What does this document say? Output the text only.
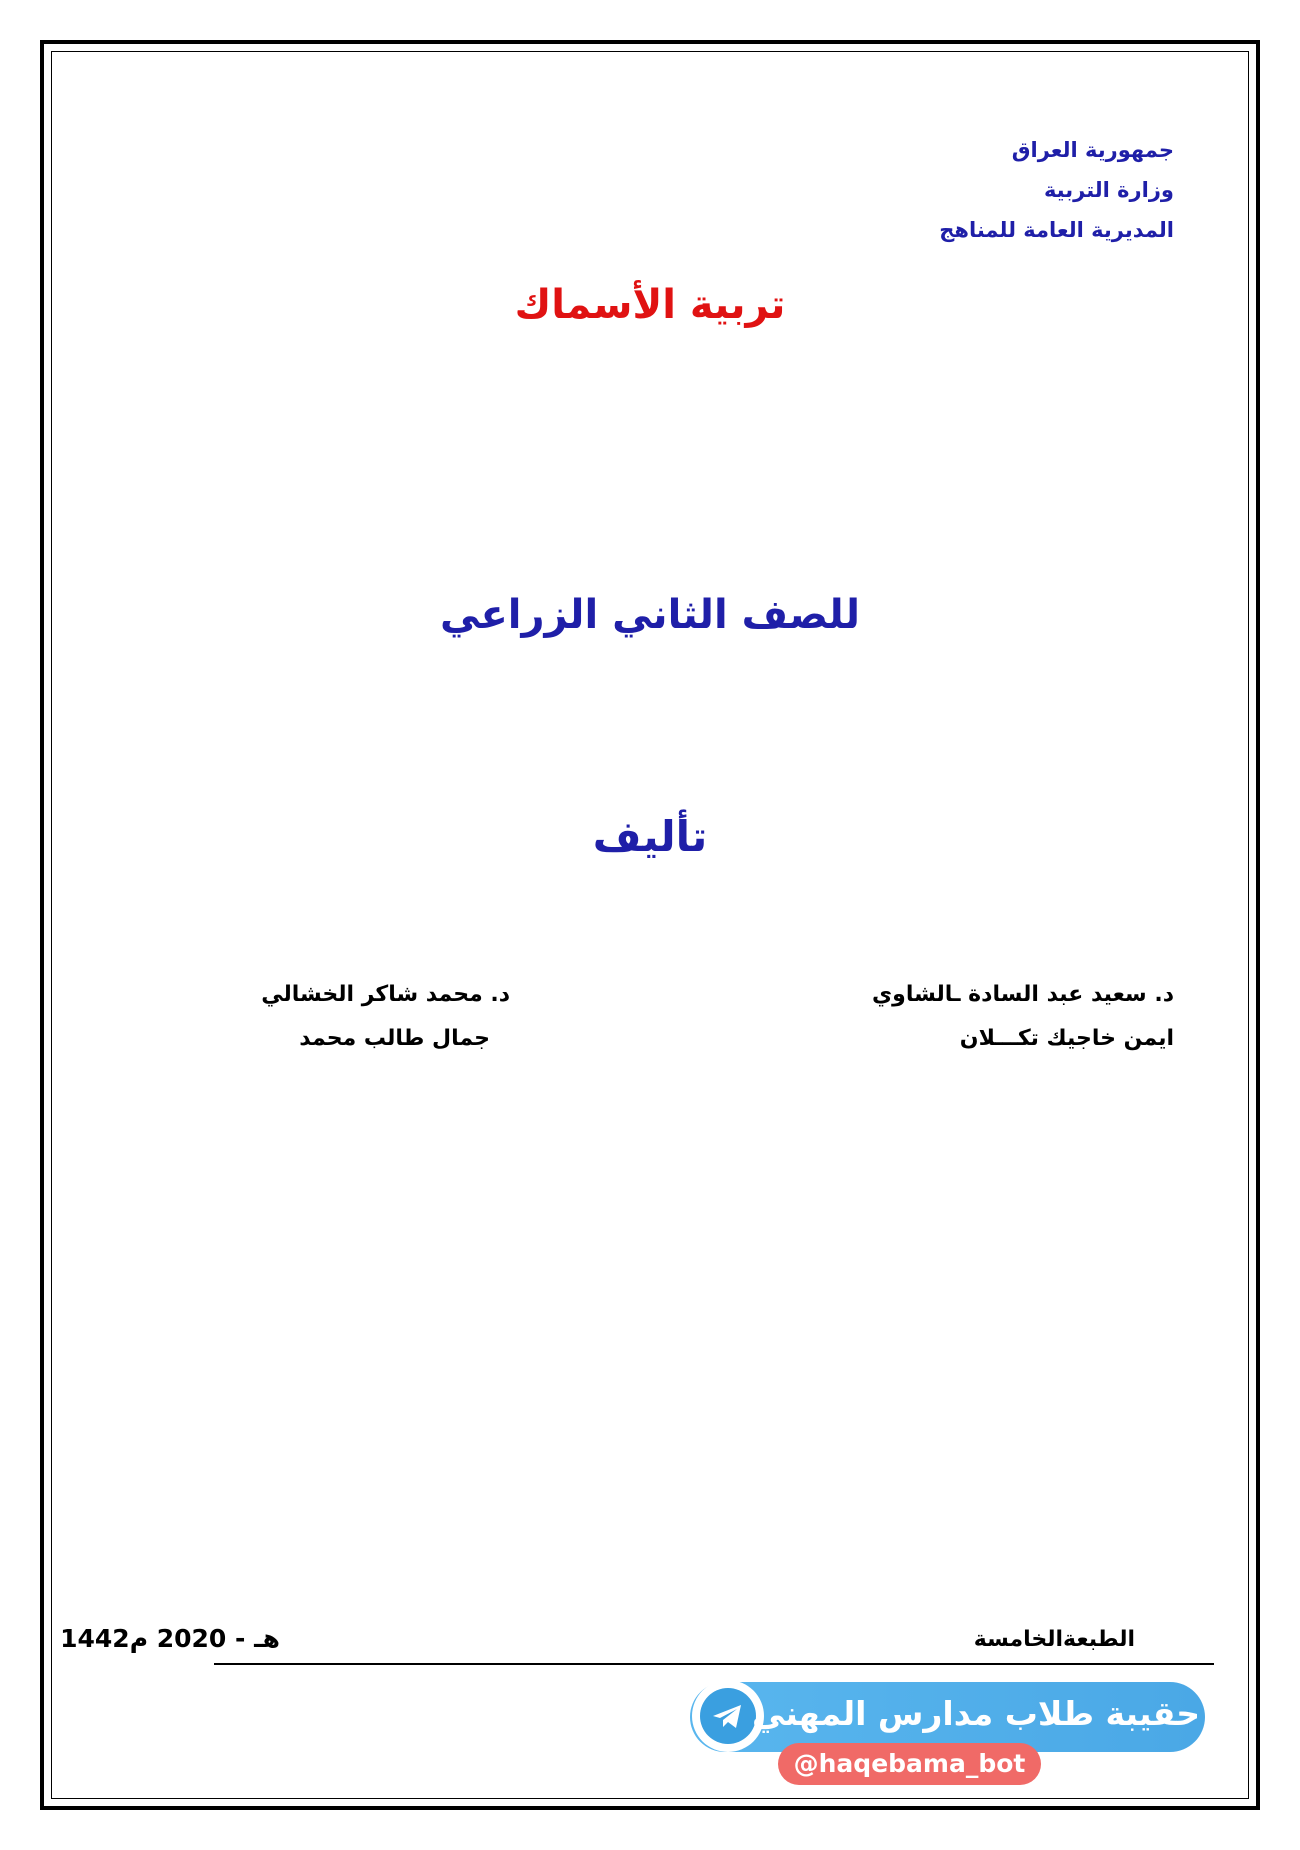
جمهورية العراق
وزارة التربية
المديرية العامة للمناهج
تربية الأسماك
للصف الثاني الزراعي
تأليف
د. سعيد عبد السادة ـالشاوي
ايمن خاجيك تكـــلان
د. محمد شاكر الخشالي
جمال طالب محمد
الطبعةالخامسة
1442هـ - 2020 م
حقيبة طلاب مدارس المهني
@haqebama_bot
